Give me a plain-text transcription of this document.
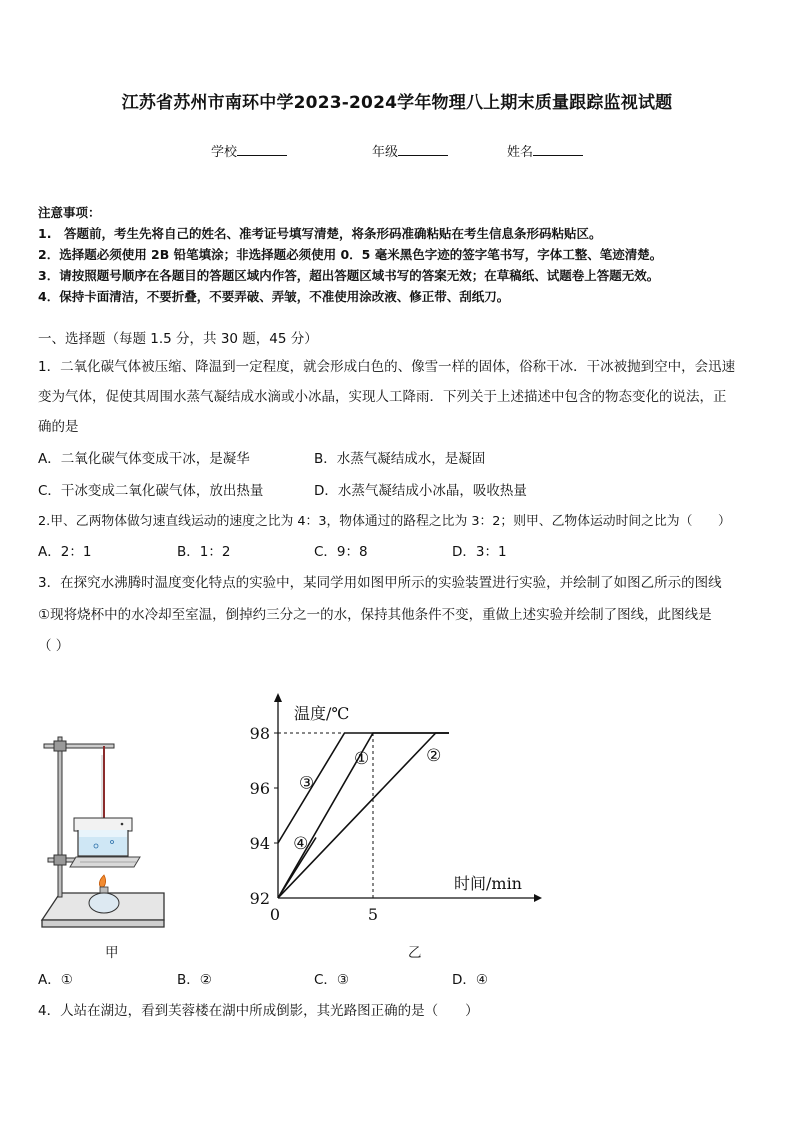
江苏省苏州市南环中学2023-2024学年物理八上期末质量跟踪监视试题
学校	年级	姓名
注意事项：
1.　答题前，考生先将自己的姓名、准考证号填写清楚，将条形码准确粘贴在考生信息条形码粘贴区。
2．选择题必须使用 2B 铅笔填涂；非选择题必须使用 0．5 毫米黑色字迹的签字笔书写，字体工整、笔迹清楚。
3．请按照题号顺序在各题目的答题区域内作答，超出答题区域书写的答案无效；在草稿纸、试题卷上答题无效。
4．保持卡面清洁，不要折叠，不要弄破、弄皱，不准使用涂改液、修正带、刮纸刀。
一、选择题（每题 1.5 分，共 30 题，45 分）
1．二氧化碳气体被压缩、降温到一定程度，就会形成白色的、像雪一样的固体，俗称干冰．干冰被抛到空中，会迅速
变为气体，促使其周围水蒸气凝结成水滴或小冰晶，实现人工降雨．下列关于上述描述中包含的物态变化的说法，正
确的是
A．二氧化碳气体变成干冰，是凝华	B．水蒸气凝结成水，是凝固
C．干冰变成二氧化碳气体，放出热量	D．水蒸气凝结成小冰晶，吸收热量
2.甲、乙两物体做匀速直线运动的速度之比为 4：3，物体通过的路程之比为 3：2；则甲、乙物体运动时间之比为（　　）
A．2：1	B．1：2	C．9：8	D．3：1
3．在探究水沸腾时温度变化特点的实验中，某同学用如图甲所示的实验装置进行实验，并绘制了如图乙所示的图线
①现将烧杯中的水冷却至室温，倒掉约三分之一的水，保持其他条件不变，重做上述实验并绘制了图线，此图线是
（ ）
甲
温度/℃
时间/min
92
94
96
98
0	5
①	②
③
④
乙
A．①	B．②	C．③	D．④
4．人站在湖边，看到芙蓉楼在湖中所成倒影，其光路图正确的是（　　）
